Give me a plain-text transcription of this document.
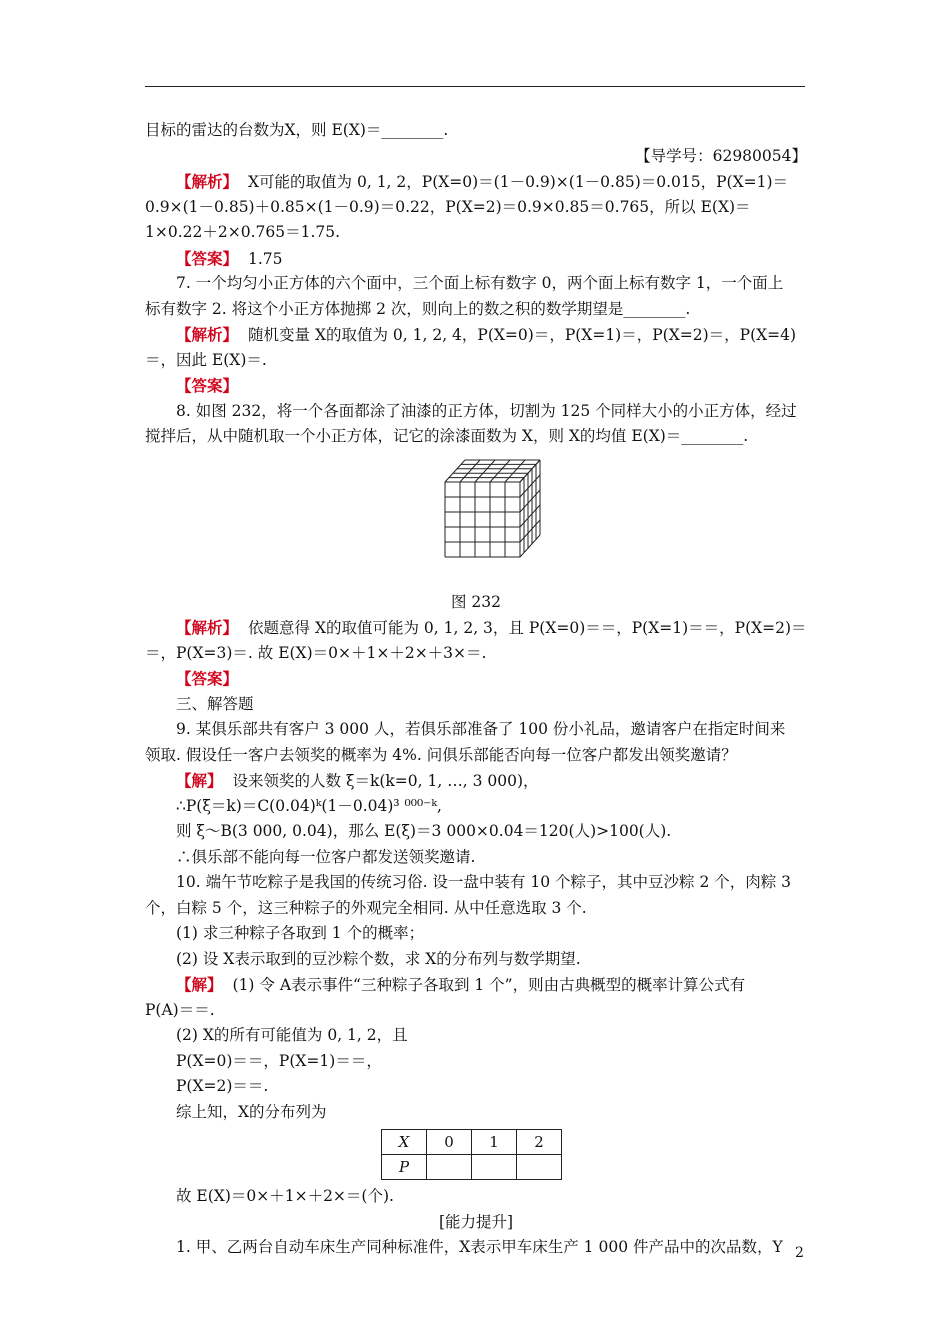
目标的雷达的台数为X，则 E(X)＝________.
【导学号：62980054】
【解析】 X可能的取值为 0, 1, 2，P(X=0)＝(1－0.9)×(1－0.85)＝0.015，P(X=1)＝
0.9×(1－0.85)＋0.85×(1－0.9)＝0.22，P(X=2)＝0.9×0.85＝0.765，所以 E(X)＝
1×0.22＋2×0.765＝1.75.
【答案】 1.75
7. 一个均匀小正方体的六个面中，三个面上标有数字 0，两个面上标有数字 1，一个面上
标有数字 2. 将这个小正方体抛掷 2 次，则向上的数之积的数学期望是________.
【解析】 随机变量 X的取值为 0, 1, 2, 4，P(X=0)＝，P(X=1)＝，P(X=2)＝，P(X=4)
＝，因此 E(X)＝.
【答案】
8. 如图 232，将一个各面都涂了油漆的正方体，切割为 125 个同样大小的小正方体，经过
搅拌后，从中随机取一个小正方体，记它的涂漆面数为 X，则 X的均值 E(X)＝________.
图 232
【解析】 依题意得 X的取值可能为 0, 1, 2, 3，且 P(X=0)＝＝，P(X=1)＝＝，P(X=2)＝
＝，P(X=3)＝. 故 E(X)＝0×＋1×＋2×＋3×＝.
【答案】
三、解答题
9. 某俱乐部共有客户 3 000 人，若俱乐部准备了 100 份小礼品，邀请客户在指定时间来
领取. 假设任一客户去领奖的概率为 4%. 问俱乐部能否向每一位客户都发出领奖邀请？
【解】 设来领奖的人数 ξ＝k(k=0, 1, …, 3 000)，
∴P(ξ＝k)＝C(0.04)ᵏ(1－0.04)³ ⁰⁰⁰⁻ᵏ,
则 ξ～B(3 000, 0.04)，那么 E(ξ)＝3 000×0.04＝120(人)>100(人).
∴俱乐部不能向每一位客户都发送领奖邀请.
10. 端午节吃粽子是我国的传统习俗. 设一盘中装有 10 个粽子，其中豆沙粽 2 个，肉粽 3
个，白粽 5 个，这三种粽子的外观完全相同. 从中任意选取 3 个.
(1) 求三种粽子各取到 1 个的概率；
(2) 设 X表示取到的豆沙粽个数，求 X的分布列与数学期望.
【解】 (1) 令 A表示事件“三种粽子各取到 1 个”，则由古典概型的概率计算公式有
P(A)＝＝.
(2) X的所有可能值为 0, 1, 2，且
P(X=0)＝＝，P(X=1)＝＝，
P(X=2)＝＝.
综上知，X的分布列为
X	0	1	2
P			
故 E(X)＝0×＋1×＋2×＝(个).
[能力提升]
1. 甲、乙两台自动车床生产同种标准件，X表示甲车床生产 1 000 件产品中的次品数，Y 2
